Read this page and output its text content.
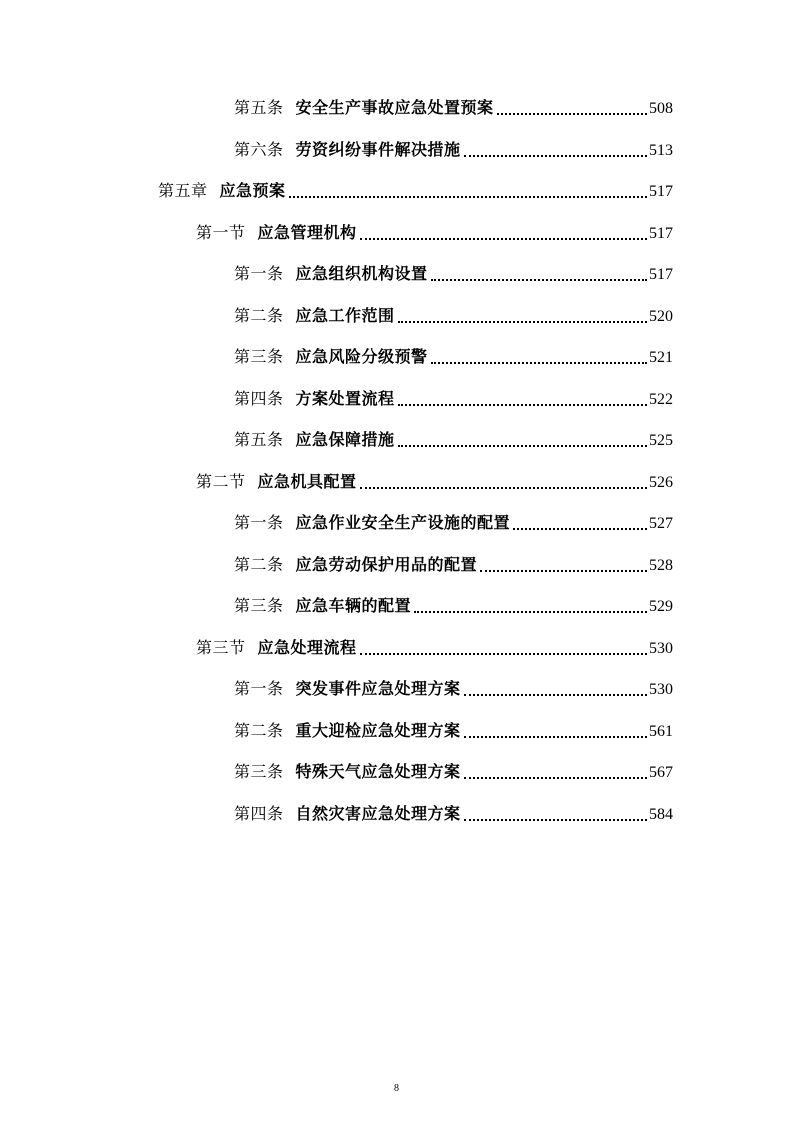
第五条 安全生产事故应急处置预案	508
第六条 劳资纠纷事件解决措施	513
第五章 应急预案	517
第一节 应急管理机构	517
第一条 应急组织机构设置	517
第二条 应急工作范围	520
第三条 应急风险分级预警	521
第四条 方案处置流程	522
第五条 应急保障措施	525
第二节 应急机具配置	526
第一条 应急作业安全生产设施的配置	527
第二条 应急劳动保护用品的配置	528
第三条 应急车辆的配置	529
第三节 应急处理流程	530
第一条 突发事件应急处理方案	530
第二条 重大迎检应急处理方案	561
第三条 特殊天气应急处理方案	567
第四条 自然灾害应急处理方案	584
8
